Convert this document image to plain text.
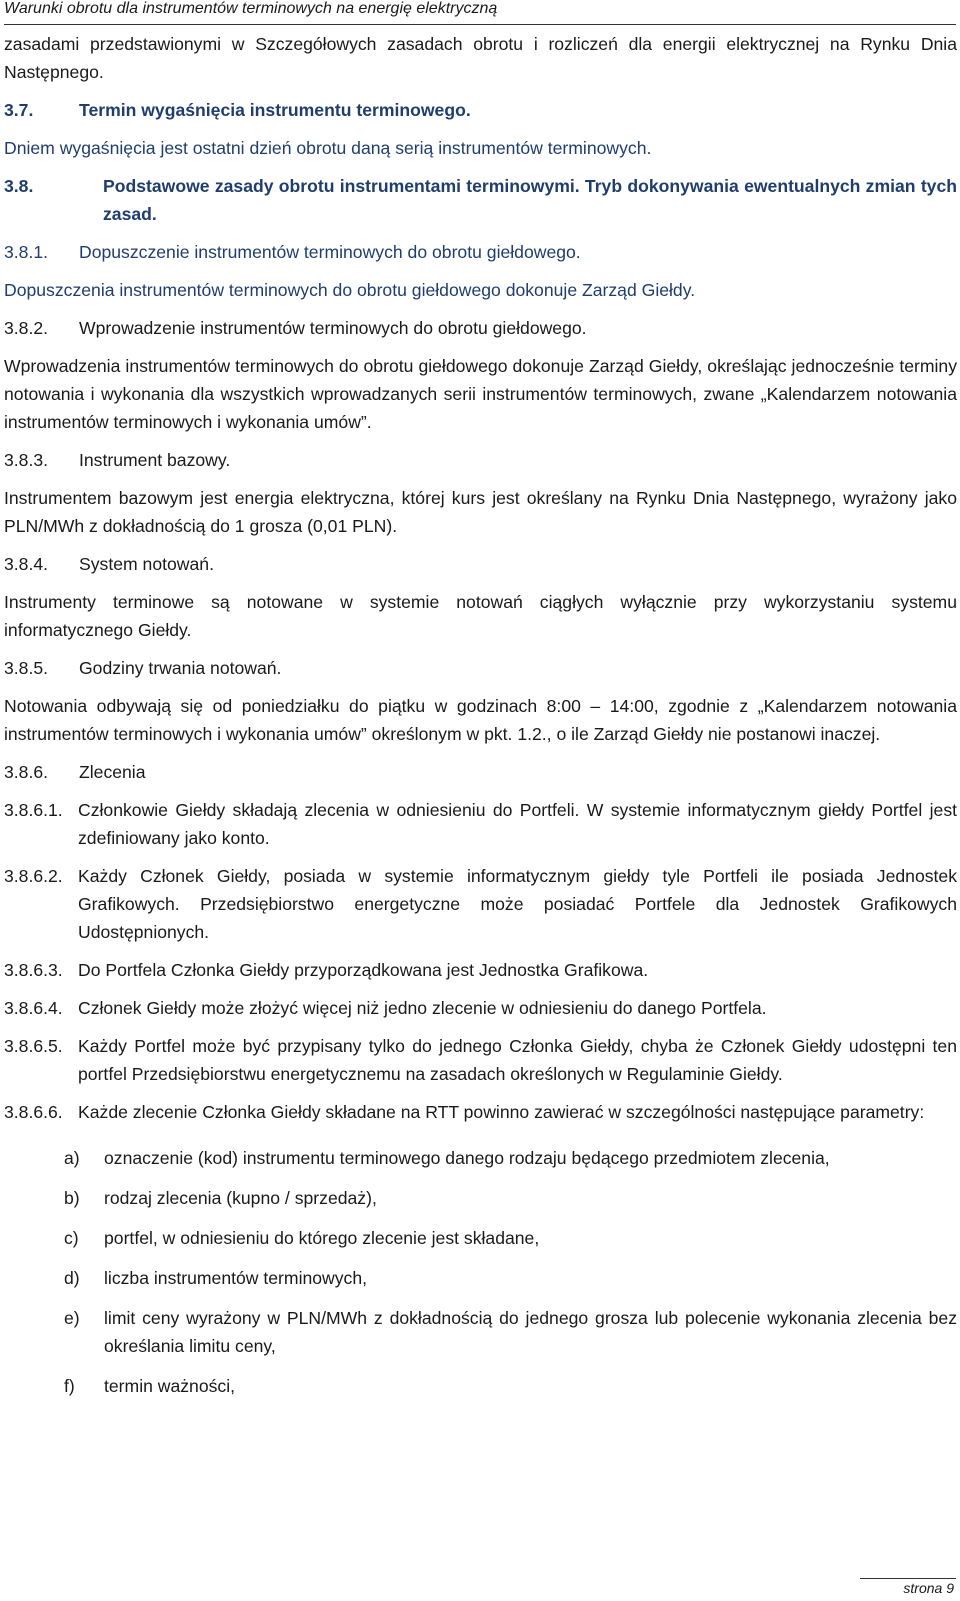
Warunki obrotu dla instrumentów terminowych na energię elektryczną

zasadami przedstawionymi w Szczegółowych zasadach obrotu i rozliczeń dla energii elektrycznej na Rynku Dnia Następnego.

3.7.	Termin wygaśnięcia instrumentu terminowego.

Dniem wygaśnięcia jest ostatni dzień obrotu daną serią instrumentów terminowych.

3.8.	Podstawowe zasady obrotu instrumentami terminowymi. Tryb dokonywania ewentualnych zmian tych zasad.
3.8.1.	Dopuszczenie instrumentów terminowych do obrotu giełdowego.

Dopuszczenia instrumentów terminowych do obrotu giełdowego dokonuje Zarząd Giełdy.

3.8.2.	Wprowadzenie instrumentów terminowych do obrotu giełdowego.

Wprowadzenia instrumentów terminowych do obrotu giełdowego dokonuje Zarząd Giełdy, określając jednocześnie terminy notowania i wykonania dla wszystkich wprowadzanych serii instrumentów terminowych, zwane „Kalendarzem notowania instrumentów terminowych i wykonania umów”.

3.8.3.	Instrument bazowy.

Instrumentem bazowym jest energia elektryczna, której kurs jest określany na Rynku Dnia Następnego, wyrażony jako PLN/MWh z dokładnością do 1 grosza (0,01 PLN).

3.8.4.	System notowań.

Instrumenty terminowe są notowane w systemie notowań ciągłych wyłącznie przy wykorzystaniu systemu informatycznego Giełdy.

3.8.5.	Godziny trwania notowań.

Notowania odbywają się od poniedziałku do piątku w godzinach 8:00 – 14:00, zgodnie z „Kalendarzem notowania instrumentów terminowych i wykonania umów” określonym w pkt. 1.2., o ile Zarząd Giełdy nie postanowi inaczej.

3.8.6.	Zlecenia
3.8.6.1. Członkowie Giełdy składają zlecenia w odniesieniu do Portfeli. W systemie informatycznym giełdy Portfel jest zdefiniowany jako konto.
3.8.6.2. Każdy Członek Giełdy, posiada w systemie informatycznym giełdy tyle Portfeli ile posiada Jednostek Grafikowych. Przedsiębiorstwo energetyczne może posiadać Portfele dla Jednostek Grafikowych Udostępnionych.
3.8.6.3. Do Portfela Członka Giełdy przyporządkowana jest Jednostka Grafikowa.
3.8.6.4. Członek Giełdy może złożyć więcej niż jedno zlecenie w odniesieniu do danego Portfela.
3.8.6.5. Każdy Portfel może być przypisany tylko do jednego Członka Giełdy, chyba że Członek Giełdy udostępni ten portfel Przedsiębiorstwu energetycznemu na zasadach określonych w Regulaminie Giełdy.
3.8.6.6. Każde zlecenie Członka Giełdy składane na RTT powinno zawierać w szczególności następujące parametry:
a)	oznaczenie (kod) instrumentu terminowego danego rodzaju będącego przedmiotem zlecenia,
b)	rodzaj zlecenia (kupno / sprzedaż),
c)	portfel, w odniesieniu do którego zlecenie jest składane,
d)	liczba instrumentów terminowych,
e)	limit ceny wyrażony w PLN/MWh z dokładnością do jednego grosza lub polecenie wykonania zlecenia bez określania limitu ceny,
f)	termin ważności,
strona 9
